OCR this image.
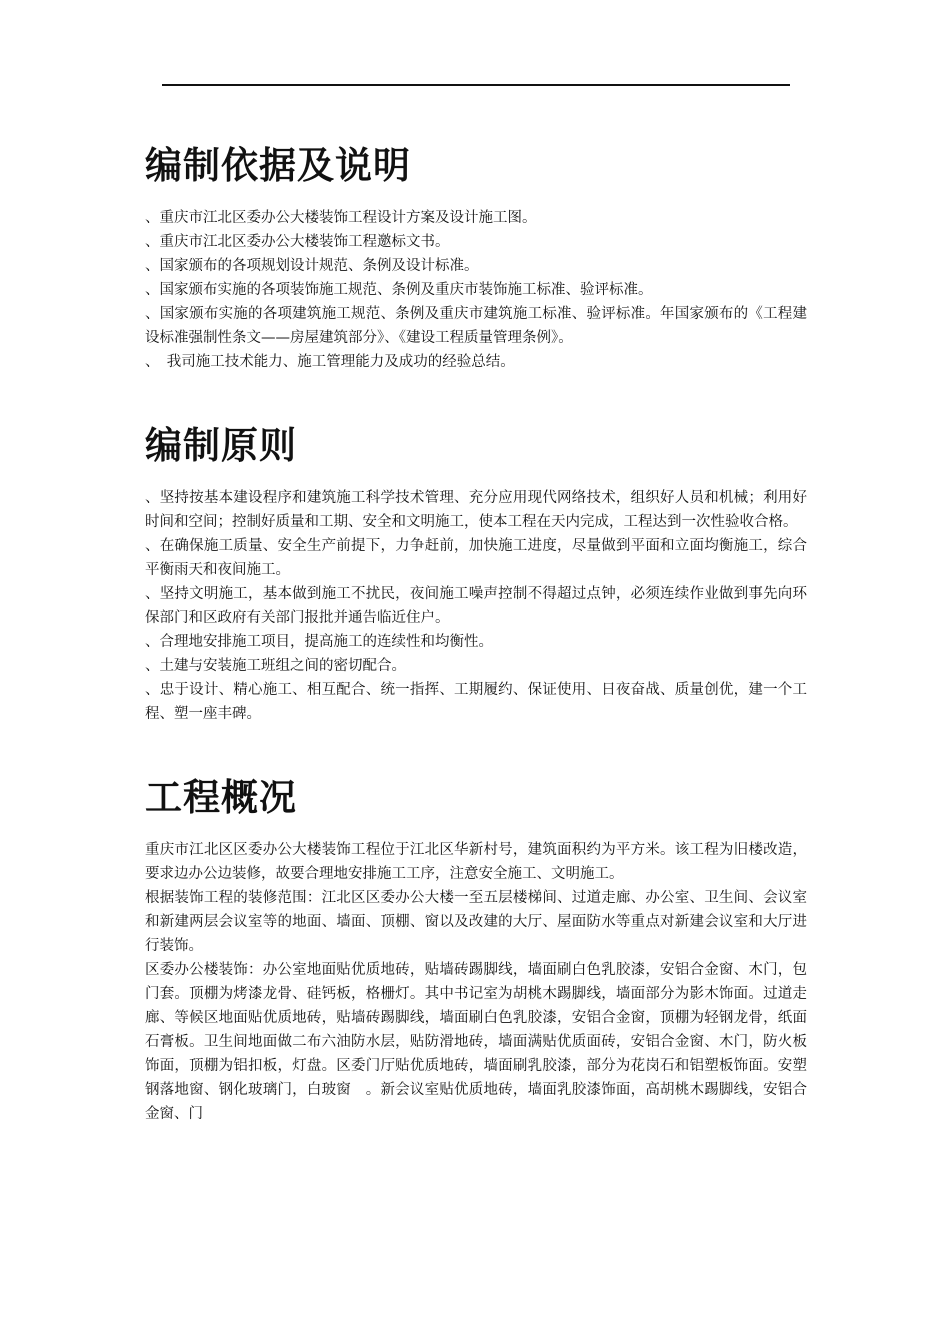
编制依据及说明

、重庆市江北区委办公大楼装饰工程设计方案及设计施工图。

、重庆市江北区委办公大楼装饰工程邀标文书。

、国家颁布的各项规划设计规范、条例及设计标准。

、国家颁布实施的各项装饰施工规范、条例及重庆市装饰施工标准、验评标准。

、国家颁布实施的各项建筑施工规范、条例及重庆市建筑施工标准、验评标准。年国家颁布的《工程建设标准强制性条文——房屋建筑部分》、《建设工程质量管理条例》。

、　我司施工技术能力、施工管理能力及成功的经验总结。

编制原则

、坚持按基本建设程序和建筑施工科学技术管理、充分应用现代网络技术，组织好人员和机械；利用好时间和空间；控制好质量和工期、安全和文明施工，使本工程在天内完成，工程达到一次性验收合格。

、在确保施工质量、安全生产前提下，力争赶前，加快施工进度，尽量做到平面和立面均衡施工，综合平衡雨天和夜间施工。

、坚持文明施工，基本做到施工不扰民，夜间施工噪声控制不得超过点钟，必须连续作业做到事先向环保部门和区政府有关部门报批并通告临近住户。

、合理地安排施工项目，提高施工的连续性和均衡性。

、土建与安装施工班组之间的密切配合。

、忠于设计、精心施工、相互配合、统一指挥、工期履约、保证使用、日夜奋战、质量创优，建一个工程、塑一座丰碑。

工程概况

重庆市江北区区委办公大楼装饰工程位于江北区华新村号，建筑面积约为平方米。该工程为旧楼改造，要求边办公边装修，故要合理地安排施工工序，注意安全施工、文明施工。

根据装饰工程的装修范围：江北区区委办公大楼一至五层楼梯间、过道走廊、办公室、卫生间、会议室和新建两层会议室等的地面、墙面、顶棚、窗以及改建的大厅、屋面防水等重点对新建会议室和大厅进行装饰。

区委办公楼装饰：办公室地面贴优质地砖，贴墙砖踢脚线，墙面刷白色乳胶漆，安铝合金窗、木门，包门套。顶棚为烤漆龙骨、硅钙板，格栅灯。其中书记室为胡桃木踢脚线，墙面部分为影木饰面。过道走廊、等候区地面贴优质地砖，贴墙砖踢脚线，墙面刷白色乳胶漆，安铝合金窗，顶棚为轻钢龙骨，纸面石膏板。卫生间地面做二布六油防水层，贴防滑地砖，墙面满贴优质面砖，安铝合金窗、木门，防火板饰面，顶棚为铝扣板，灯盘。区委门厅贴优质地砖，墙面刷乳胶漆，部分为花岗石和铝塑板饰面。安塑钢落地窗、钢化玻璃门，白玻窗　。新会议室贴优质地砖，墙面乳胶漆饰面，高胡桃木踢脚线，安铝合金窗、门
